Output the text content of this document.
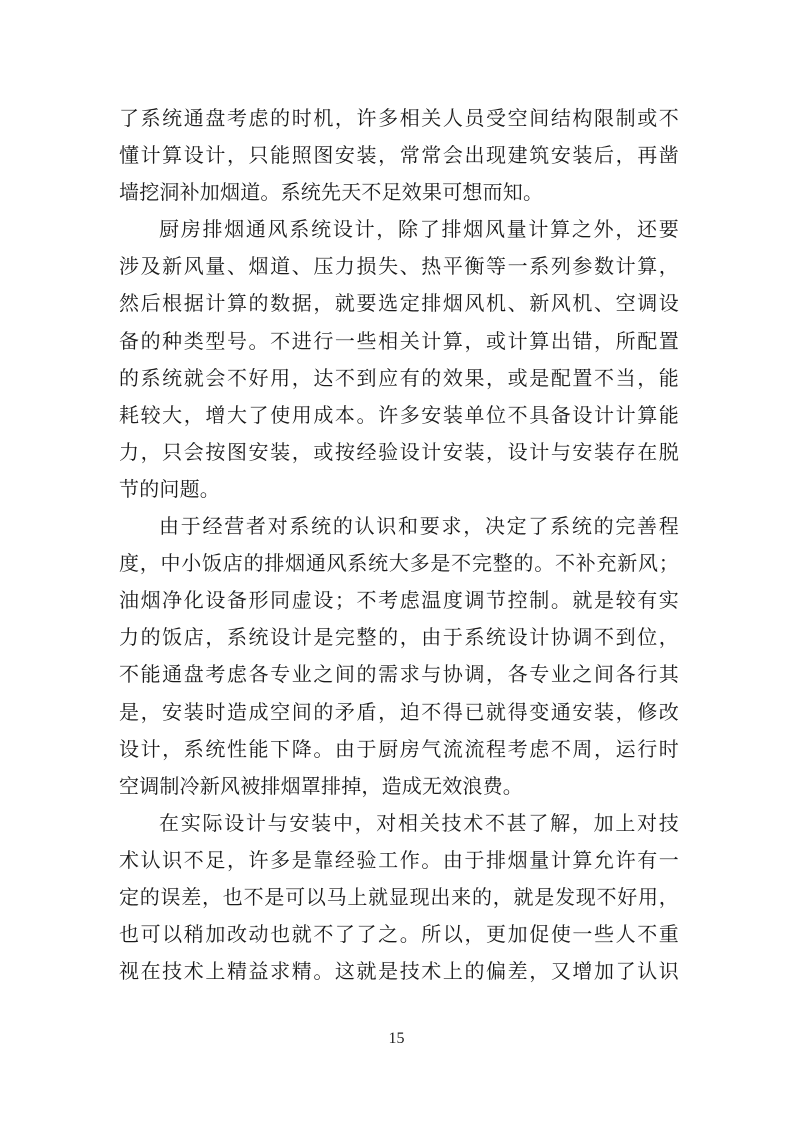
了系统通盘考虑的时机，许多相关人员受空间结构限制或不
懂计算设计，只能照图安装，常常会出现建筑安装后，再凿
墙挖洞补加烟道。系统先天不足效果可想而知。
厨房排烟通风系统设计，除了排烟风量计算之外，还要
涉及新风量、烟道、压力损失、热平衡等一系列参数计算，
然后根据计算的数据，就要选定排烟风机、新风机、空调设
备的种类型号。不进行一些相关计算，或计算出错，所配置
的系统就会不好用，达不到应有的效果，或是配置不当，能
耗较大，增大了使用成本。许多安装单位不具备设计计算能
力，只会按图安装，或按经验设计安装，设计与安装存在脱
节的问题。
由于经营者对系统的认识和要求，决定了系统的完善程
度，中小饭店的排烟通风系统大多是不完整的。不补充新风；
油烟净化设备形同虚设；不考虑温度调节控制。就是较有实
力的饭店，系统设计是完整的，由于系统设计协调不到位，
不能通盘考虑各专业之间的需求与协调，各专业之间各行其
是，安装时造成空间的矛盾，迫不得已就得变通安装，修改
设计，系统性能下降。由于厨房气流流程考虑不周，运行时
空调制冷新风被排烟罩排掉，造成无效浪费。
在实际设计与安装中，对相关技术不甚了解，加上对技
术认识不足，许多是靠经验工作。由于排烟量计算允许有一
定的误差，也不是可以马上就显现出来的，就是发现不好用，
也可以稍加改动也就不了了之。所以，更加促使一些人不重
视在技术上精益求精。这就是技术上的偏差，又增加了认识
15
